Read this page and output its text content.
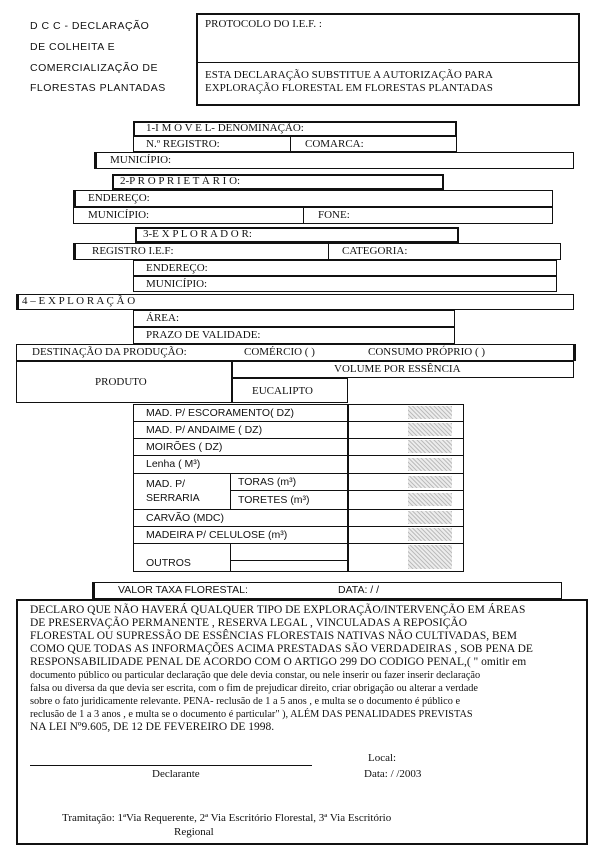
D C C - DECLARAÇÃO
DE COLHEITA E
COMERCIALIZAÇÃO DE
FLORESTAS PLANTADAS
PROTOCOLO DO I.E.F. :
ESTA DECLARAÇÃO SUBSTITUE A AUTORIZAÇÃO PARA
EXPLORAÇÃO FLORESTAL EM FLORESTAS PLANTADAS
1-I M Ó V E L- DENOMINAÇÃO:
N.º REGISTRO:	COMARCA:
MUNICÍPIO:
2-P R O P R I E T Á R I O:
ENDEREÇO:
MUNICÍPIO:	FONE:
3-E X P L O R A D O R:
REGISTRO I.E.F:	CATEGORIA:
ENDEREÇO:
MUNICÍPIO:
4 – E X P L O R A Ç Ã O
ÁREA:
PRAZO DE VALIDADE:
DESTINAÇÃO DA PRODUÇÃO:	COMÉRCIO ( )	CONSUMO PRÓPRIO ( )
PRODUTO
VOLUME POR ESSÊNCIA
EUCALIPTO
MAD. P/ ESCORAMENTO( DZ)
MAD. P/ ANDAIME ( DZ)
MOIRÕES ( DZ)
Lenha ( M³)
MAD. P/
SERRARIA
TORAS (m³)
TORETES (m³)
CARVÃO (MDC)
MADEIRA P/ CELULOSE (m³)
OUTROS
VALOR TAXA FLORESTAL:	DATA: / /
DECLARO QUE NÃO HAVERÁ QUALQUER TIPO DE EXPLORAÇÃO/INTERVENÇÃO EM ÁREAS
DE PRESERVAÇÃO PERMANENTE , RESERVA LEGAL , VINCULADAS A REPOSIÇÃO
FLORESTAL OU SUPRESSÃO DE ESSÊNCIAS FLORESTAIS NATIVAS NÃO CULTIVADAS, BEM
COMO QUE TODAS AS INFORMAÇÕES ACIMA PRESTADAS SÃO VERDADEIRAS , SOB PENA DE
RESPONSABILIDADE PENAL DE ACORDO COM O ARTIGO 299 DO CODIGO PENAL,( " omitir em
documento público ou particular declaração que dele devia constar, ou nele inserir ou fazer inserir declaração
falsa ou diversa da que devia ser escrita, com o fim de prejudicar direito, criar obrigação ou alterar a verdade
sobre o fato juridicamente relevante. PENA- reclusão de 1 a 5 anos , e multa se o documento é público e
reclusão de 1 a 3 anos , e multa se o documento é particular" ), ALÉM DAS PENALIDADES PREVISTAS
NA LEI Nº9.605, DE 12 DE FEVEREIRO DE 1998.
Local:
Declarante	Data: / /2003
Tramitação: 1ªVia Requerente, 2ª Via Escritório Florestal, 3ª Via Escritório
Regional
